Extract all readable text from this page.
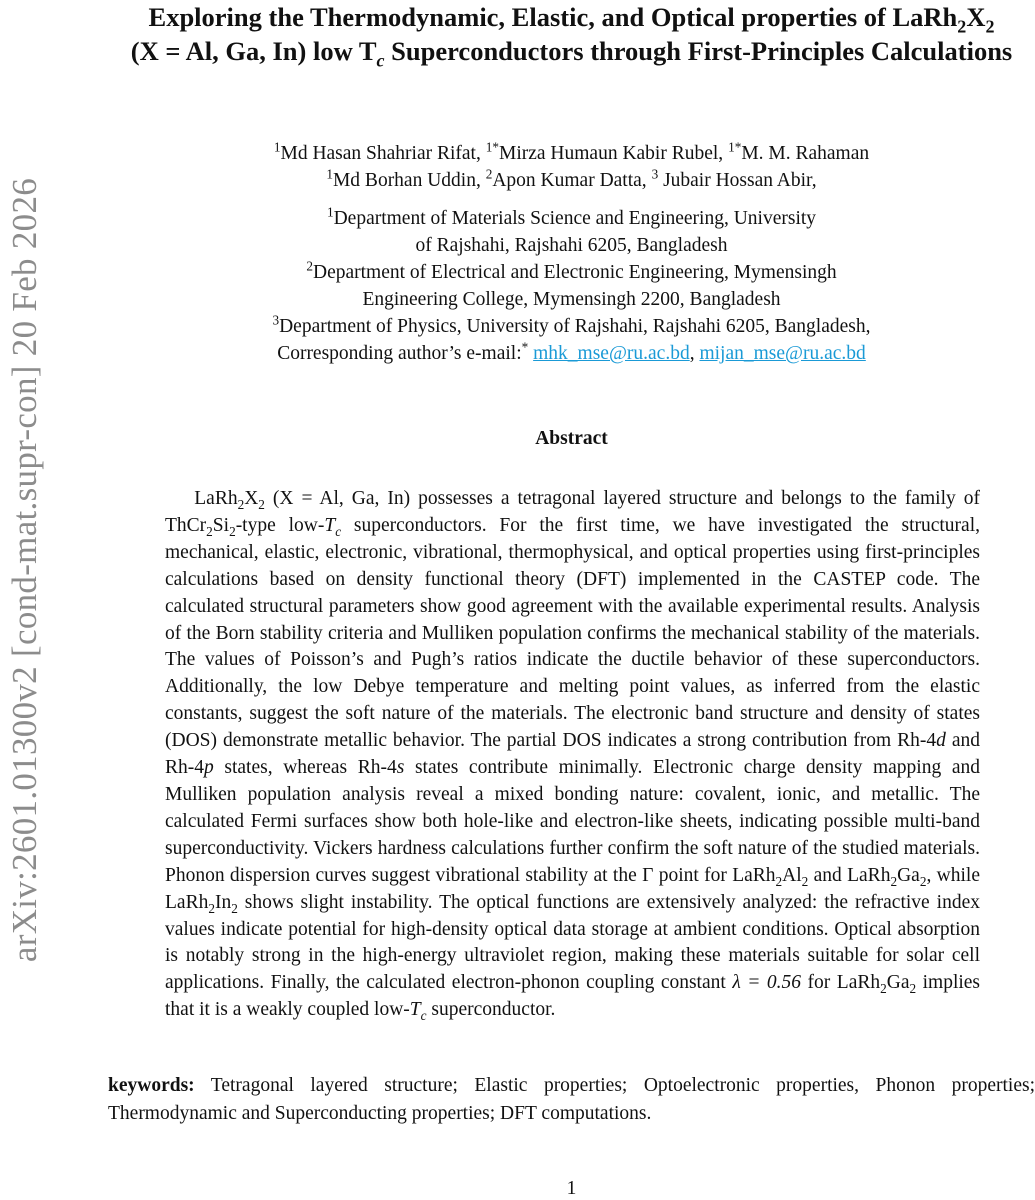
arXiv:2601.01300v2 [cond-mat.supr-con] 20 Feb 2026
Exploring the Thermodynamic, Elastic, and Optical properties of $LaRh_2X_2$
(X = Al, Ga, In) low $T_c$ Superconductors through First-Principles Calculations
$^1$Md Hasan Shahriar Rifat, $^{1*}$Mirza Humaun Kabir Rubel, $^{1*}$M. M. Rahaman
$^1$Md Borhan Uddin, $^2$Apon Kumar Datta, $^3$ Jubair Hossan Abir,
$^1$Department of Materials Science and Engineering, University
of Rajshahi, Rajshahi 6205, Bangladesh
$^2$Department of Electrical and Electronic Engineering, Mymensingh
Engineering College, Mymensingh 2200, Bangladesh
$^3$Department of Physics, University of Rajshahi, Rajshahi 6205, Bangladesh,
Corresponding author’s e-mail:* mhk_mse@ru.ac.bd, mijan_mse@ru.ac.bd
Abstract
  $LaRh_2X_2$ (X = Al, Ga, In) possesses a tetragonal layered structure and belongs to the family of $ThCr_2Si_2$-type low-$T_c$ superconductors. For the first time, we have investigated the structural, mechanical, elastic, electronic, vibrational, thermophysical, and optical properties using first-principles calculations based on density functional theory (DFT) implemented in the CASTEP code. The calculated structural parameters show good agreement with the available experimental results. Analysis of the Born stability criteria and Mulliken population confirms the mechanical stability of the materials. The values of Poisson’s and Pugh’s ratios indicate the ductile behavior of these superconductors. Additionally, the low Debye temperature and melting point values, as inferred from the elastic constants, suggest the soft nature of the materials. The electronic band structure and density of states (DOS) demonstrate metallic behavior. The partial DOS indicates a strong contribution from Rh-4d and Rh-4p states, whereas Rh-4s states contribute minimally. Electronic charge density mapping and Mulliken population analysis reveal a mixed bonding nature: covalent, ionic, and metallic. The calculated Fermi surfaces show both hole-like and electron-like sheets, indicating possible multi-band superconductivity. Vickers hardness calculations further confirm the soft nature of the studied materials. Phonon dispersion curves suggest vibrational stability at the Γ point for $LaRh_2Al_2$ and $LaRh_2Ga_2$, while $LaRh_2In_2$ shows slight instability. The optical functions are extensively analyzed: the refractive index values indicate potential for high-density optical data storage at ambient conditions. Optical absorption is notably strong in the high-energy ultraviolet region, making these materials suitable for solar cell applications. Finally, the calculated electron-phonon coupling constant λ = 0.56 for $LaRh_2Ga_2$ implies that it is a weakly coupled low-$T_c$ superconductor.
keywords: Tetragonal layered structure; Elastic properties; Optoelectronic properties, Phonon properties; Thermodynamic and Superconducting properties; DFT computations.
1
